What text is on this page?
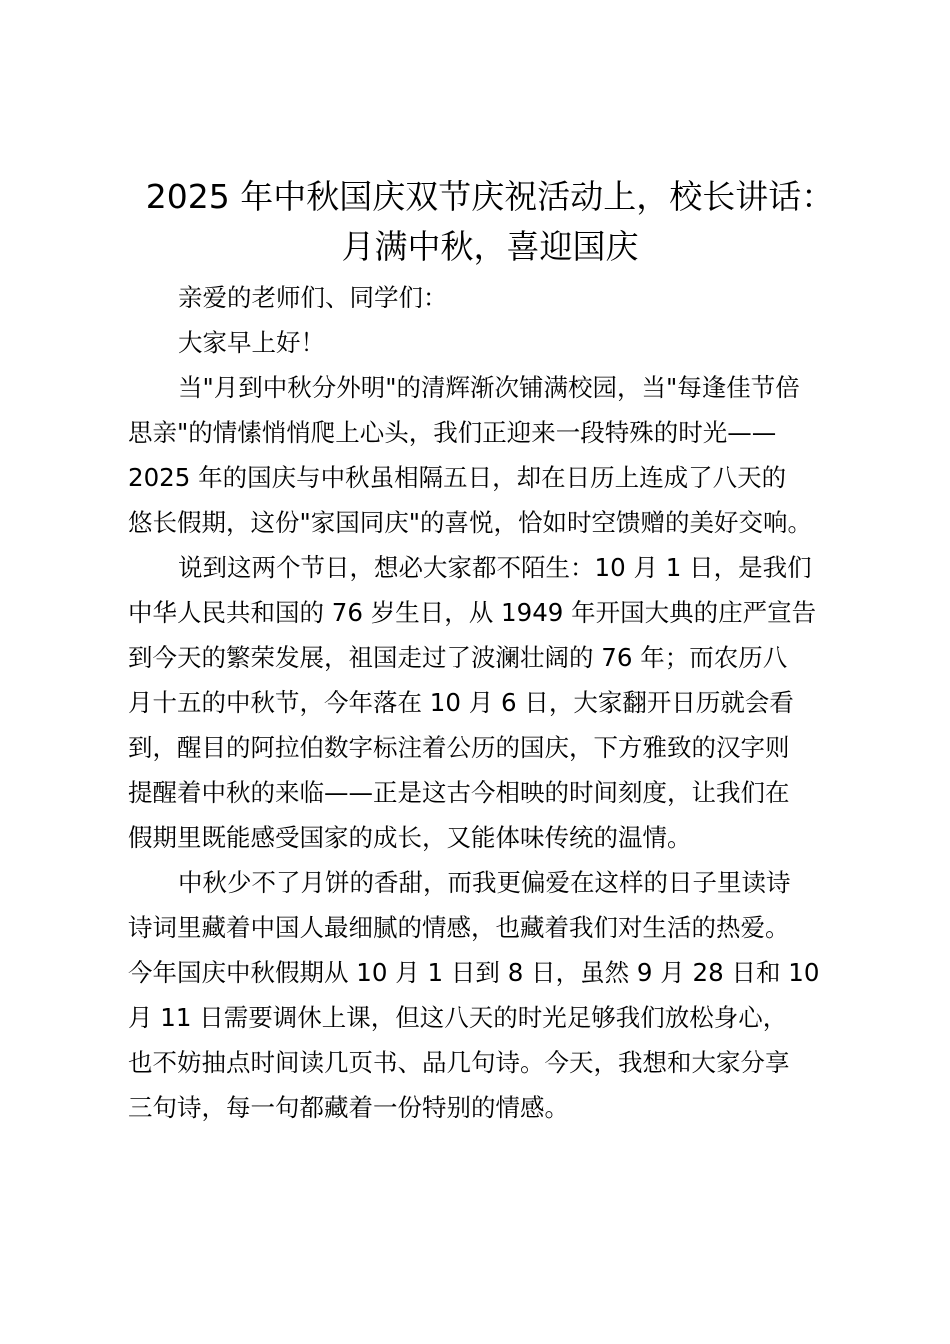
2025 年中秋国庆双节庆祝活动上，校长讲话：
月满中秋，喜迎国庆

亲爱的老师们、同学们：

大家早上好！

当"月到中秋分外明"的清辉渐次铺满校园，当"每逢佳节倍

思亲"的情愫悄悄爬上心头，我们正迎来一段特殊的时光——

2025 年的国庆与中秋虽相隔五日，却在日历上连成了八天的

悠长假期，这份"家国同庆"的喜悦，恰如时空馈赠的美好交响。

说到这两个节日，想必大家都不陌生：10 月 1 日，是我们

中华人民共和国的 76 岁生日，从 1949 年开国大典的庄严宣告

到今天的繁荣发展，祖国走过了波澜壮阔的 76 年；而农历八

月十五的中秋节，今年落在 10 月 6 日，大家翻开日历就会看

到，醒目的阿拉伯数字标注着公历的国庆，下方雅致的汉字则

提醒着中秋的来临——正是这古今相映的时间刻度，让我们在

假期里既能感受国家的成长，又能体味传统的温情。

中秋少不了月饼的香甜，而我更偏爱在这样的日子里读诗

诗词里藏着中国人最细腻的情感，也藏着我们对生活的热爱。

今年国庆中秋假期从 10 月 1 日到 8 日，虽然 9 月 28 日和 10

月 11 日需要调休上课，但这八天的时光足够我们放松身心，

也不妨抽点时间读几页书、品几句诗。今天，我想和大家分享

三句诗，每一句都藏着一份特别的情感。
